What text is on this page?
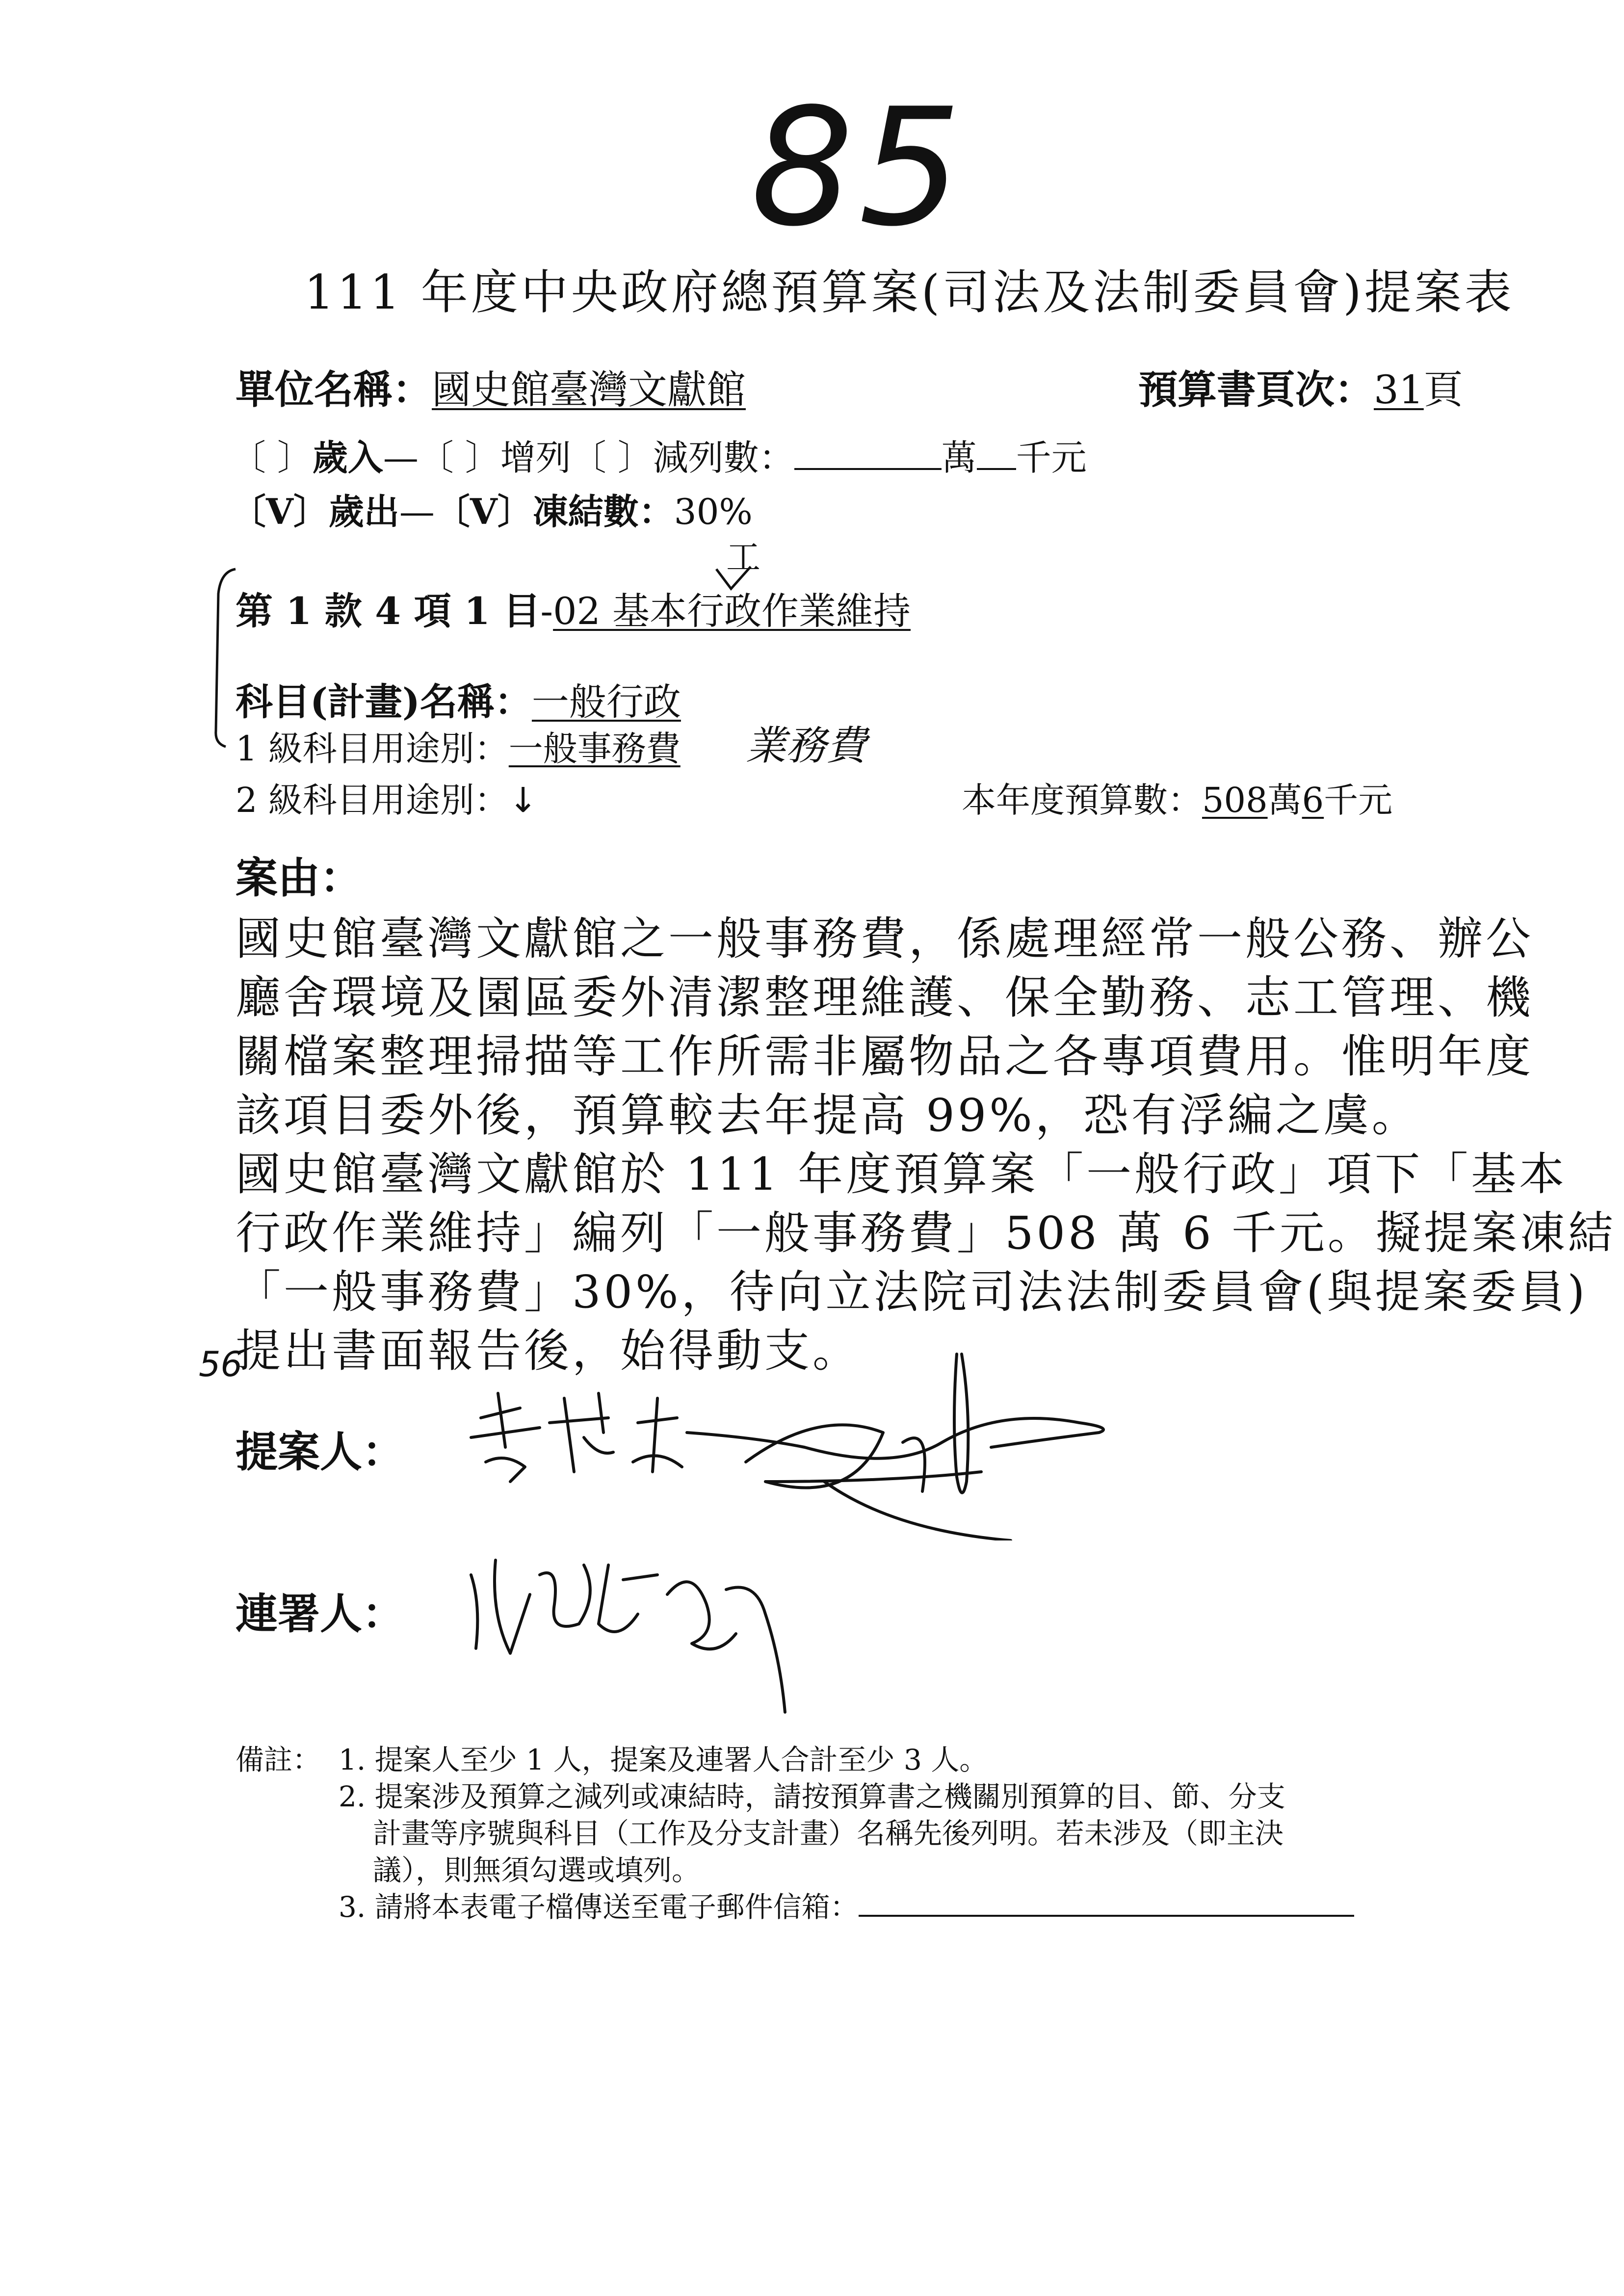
85
111 年度中央政府總預算案(司法及法制委員會)提案表
單位名稱： 國史館臺灣文獻館	預算書頁次： 31 頁
〔 〕 歲入 — 〔 〕 增列 〔 〕 減列數：	萬 千元
〔V〕 歲出 — 〔V〕 凍結數： 30%
工
第 1 款 4 項 1 目 - 02 基本行政作業維持
科目(計畫)名稱： 一般行政
1 級科目用途別： 一般事務費 業務費
2 級科目用途別： ↓	本年度預算數： 508 萬 6 千元
案由：
國史館臺灣文獻館之一般事務費，係處理經常一般公務、辦公
廳舍環境及園區委外清潔整理維護、保全勤務、志工管理、機
關檔案整理掃描等工作所需非屬物品之各專項費用。惟明年度
該項目委外後，預算較去年提高 99%，恐有浮編之虞。
國史館臺灣文獻館於 111 年度預算案「一般行政」項下「基本
行政作業維持」編列「一般事務費」508 萬 6 千元。擬提案凍結
「一般事務費」30%，待向立法院司法法制委員會(與提案委員)
提出書面報告後，始得動支。
56
提案人：
連署人：
備註： 1. 提案人至少 1 人，提案及連署人合計至少 3 人。
2. 提案涉及預算之減列或凍結時，請按預算書之機關別預算的目、節、分支
計畫等序號與科目（工作及分支計畫）名稱先後列明。若未涉及（即主決
議），則無須勾選或填列。
3. 請將本表電子檔傳送至電子郵件信箱：
